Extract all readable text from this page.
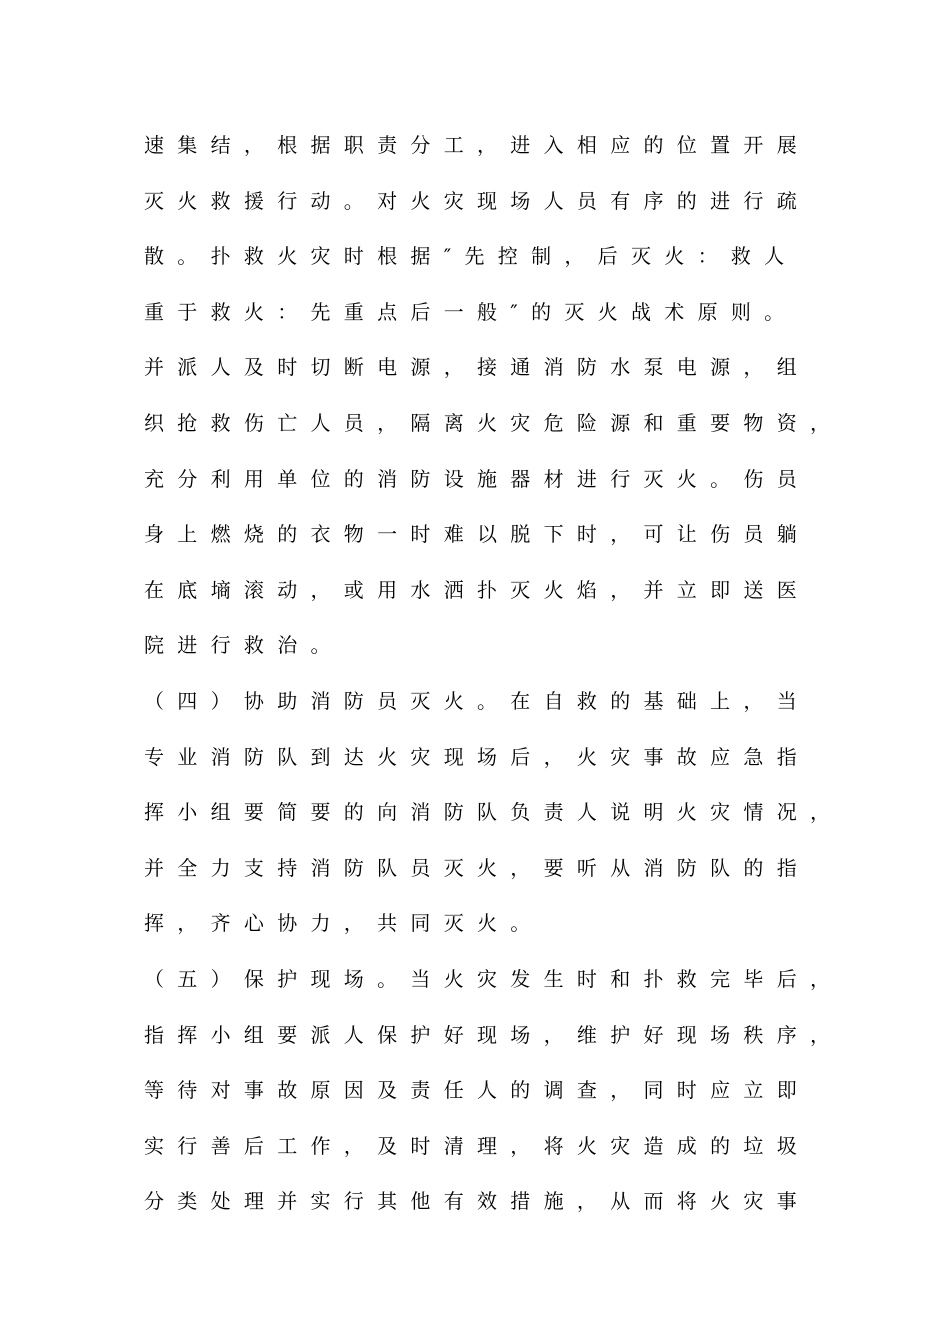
速集结，根据职责分工，进入相应的位置开展
灭火救援行动。对火灾现场人员有序的进行疏
散。扑救火灾时根据″先控制，后灭火：救人
重于救火：先重点后一般″的灭火战术原则。
并派人及时切断电源，接通消防水泵电源，组
织抢救伤亡人员，隔离火灾危险源和重要物资，
充分利用单位的消防设施器材进行灭火。伤员
身上燃烧的衣物一时难以脱下时，可让伤员躺
在底墒滚动，或用水洒扑灭火焰，并立即送医
院进行救治。
（四）协助消防员灭火。在自救的基础上，当
专业消防队到达火灾现场后，火灾事故应急指
挥小组要简要的向消防队负责人说明火灾情况，
并全力支持消防队员灭火，要听从消防队的指
挥，齐心协力，共同灭火。
（五）保护现场。当火灾发生时和扑救完毕后，
指挥小组要派人保护好现场，维护好现场秩序，
等待对事故原因及责任人的调查，同时应立即
实行善后工作，及时清理，将火灾造成的垃圾
分类处理并实行其他有效措施，从而将火灾事
